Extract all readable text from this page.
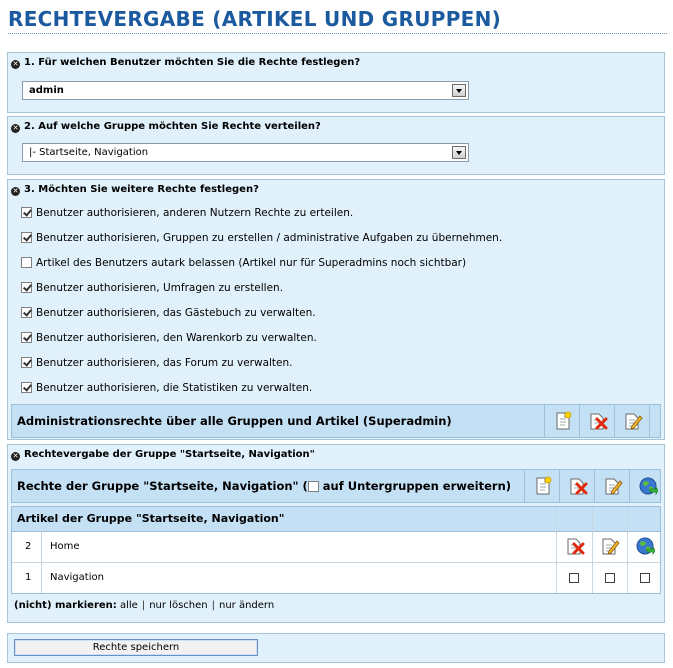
RECHTEVERGABE (ARTIKEL UND GRUPPEN)
✕ 1. Für welchen Benutzer möchten Sie die Rechte festlegen?
admin
✕ 2. Auf welche Gruppe möchten Sie Rechte verteilen?
|- Startseite, Navigation
✕ 3. Möchten Sie weitere Rechte festlegen?
Benutzer authorisieren, anderen Nutzern Rechte zu erteilen.
Benutzer authorisieren, Gruppen zu erstellen / administrative Aufgaben zu übernehmen.
Artikel des Benutzers autark belassen (Artikel nur für Superadmins noch sichtbar)
Benutzer authorisieren, Umfragen zu erstellen.
Benutzer authorisieren, das Gästebuch zu verwalten.
Benutzer authorisieren, den Warenkorb zu verwalten.
Benutzer authorisieren, das Forum zu verwalten.
Benutzer authorisieren, die Statistiken zu verwalten.
Administrationsrechte über alle Gruppen und Artikel (Superadmin)
✕ Rechtevergabe der Gruppe "Startseite, Navigation"
Rechte der Gruppe "Startseite, Navigation" ( auf Untergruppen erweitern)
Artikel der Gruppe "Startseite, Navigation"
2 Home
1 Navigation
(nicht) markieren: alle | nur löschen | nur ändern
Rechte speichern
